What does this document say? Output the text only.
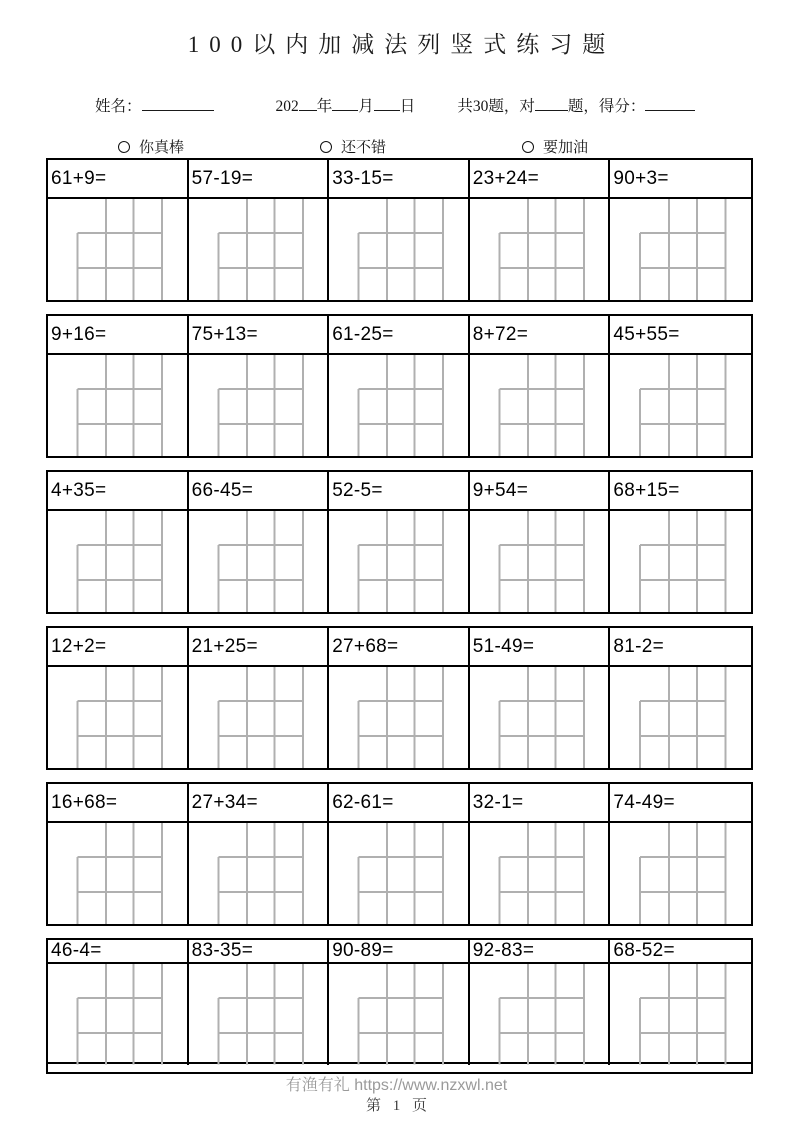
100以内加减法列竖式练习题
姓名：	202 年 月 日	共30题，对 题，得分：
你真棒	还不错	要加油
61+9=	57-19=	33-15=	23+24=	90+3=
9+16=	75+13=	61-25=	8+72=	45+55=
4+35=	66-45=	52-5=	9+54=	68+15=
12+2=	21+25=	27+68=	51-49=	81-2=
16+68=	27+34=	62-61=	32-1=	74-49=
46-4=	83-35=	90-89=	92-83=	68-52=
有渔有礼 https://www.nzxwl.net
第 1 页
